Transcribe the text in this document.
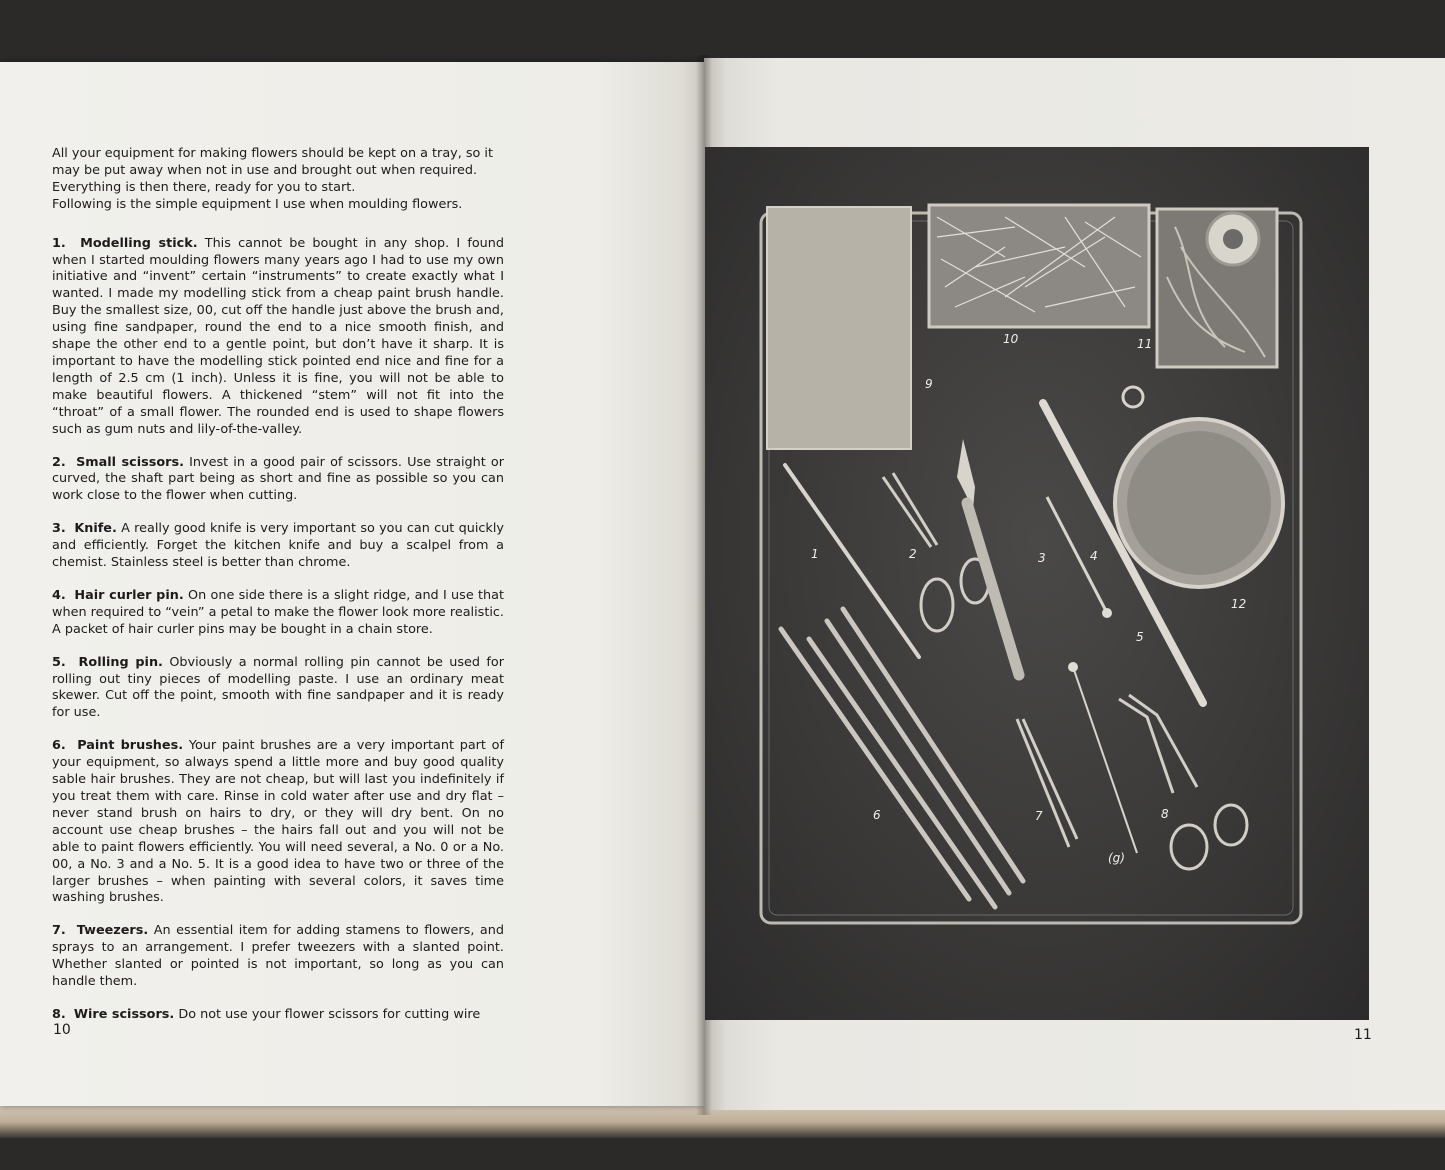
All your equipment for making flowers should be kept on a tray, so it may be put away when not in use and brought out when required. Everything is then there, ready for you to start.
Following is the simple equipment I use when moulding flowers.

1. Modelling stick. This cannot be bought in any shop. I found when I started moulding flowers many years ago I had to use my own initiative and “invent” certain “instruments” to create exactly what I wanted. I made my modelling stick from a cheap paint brush handle. Buy the smallest size, 00, cut off the handle just above the brush and, using fine sandpaper, round the end to a nice smooth finish, and shape the other end to a gentle point, but don’t have it sharp. It is important to have the modelling stick pointed end nice and fine for a length of 2.5 cm (1 inch). Unless it is fine, you will not be able to make beautiful flowers. A thickened “stem” will not fit into the “throat” of a small flower. The rounded end is used to shape flowers such as gum nuts and lily-of-the-valley.

2. Small scissors. Invest in a good pair of scissors. Use straight or curved, the shaft part being as short and fine as possible so you can work close to the flower when cutting.

3. Knife. A really good knife is very important so you can cut quickly and efficiently. Forget the kitchen knife and buy a scalpel from a chemist. Stainless steel is better than chrome.

4. Hair curler pin. On one side there is a slight ridge, and I use that when required to “vein” a petal to make the flower look more realistic. A packet of hair curler pins may be bought in a chain store.

5. Rolling pin. Obviously a normal rolling pin cannot be used for rolling out tiny pieces of modelling paste. I use an ordinary meat skewer. Cut off the point, smooth with fine sandpaper and it is ready for use.

6. Paint brushes. Your paint brushes are a very important part of your equipment, so always spend a little more and buy good quality sable hair brushes. They are not cheap, but will last you indefinitely if you treat them with care. Rinse in cold water after use and dry flat – never stand brush on hairs to dry, or they will dry bent. On no account use cheap brushes – the hairs fall out and you will not be able to paint flowers efficiently. You will need several, a No. 0 or a No. 00, a No. 3 and a No. 5. It is a good idea to have two or three of the larger brushes – when painting with several colors, it saves time washing brushes.

7. Tweezers. An essential item for adding stamens to flowers, and sprays to an arrangement. I prefer tweezers with a slanted point. Whether slanted or pointed is not important, so long as you can handle them.

8. Wire scissors. Do not use your flower scissors for cutting wire

10	11
1	2	3	4
5
6	7	8
9
10	11
12
(g)
